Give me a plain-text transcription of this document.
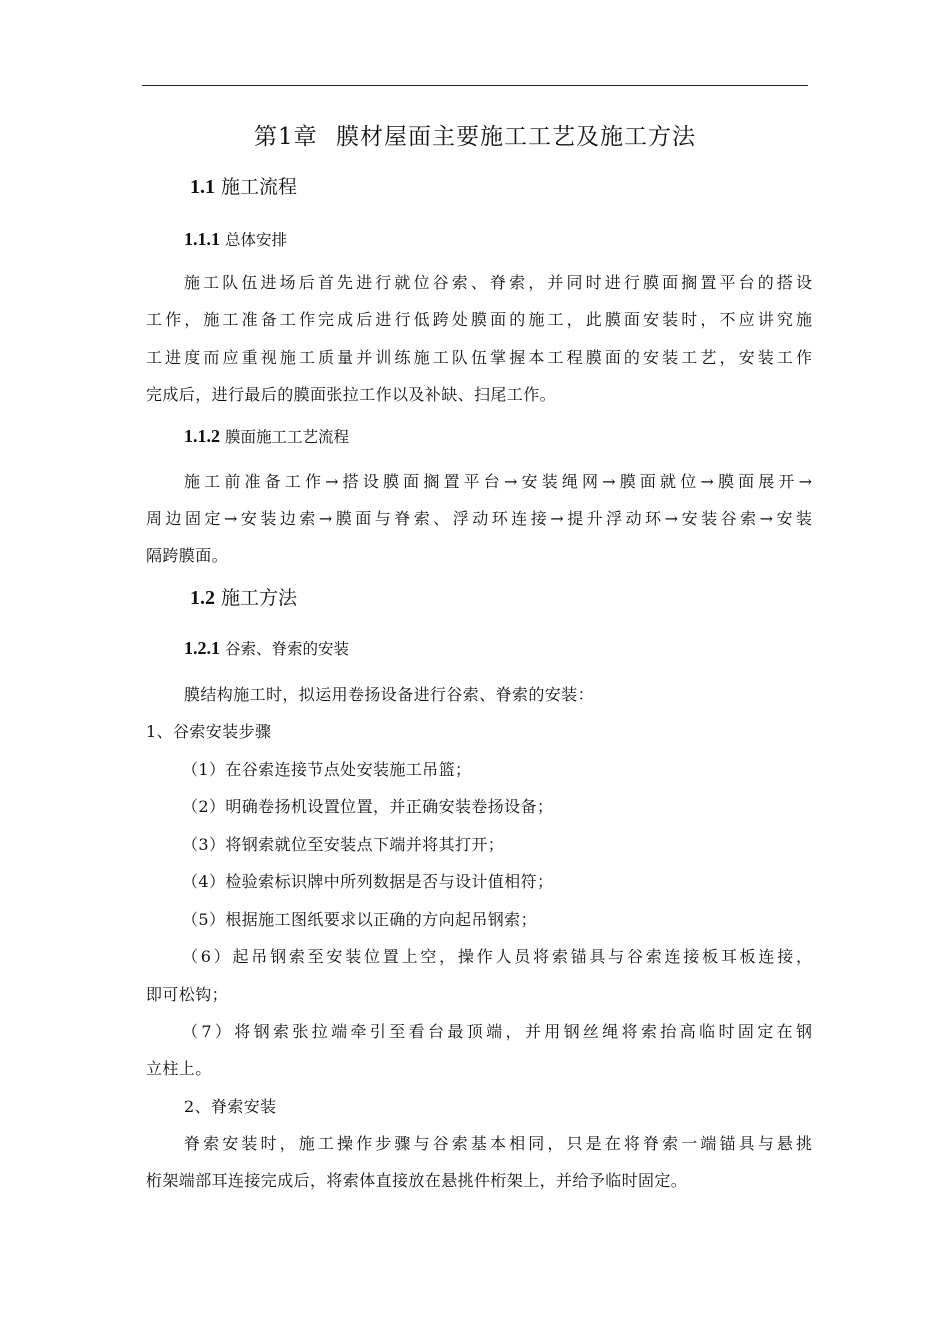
第1章 膜材屋面主要施工工艺及施工方法
1.1 施工流程
1.1.1 总体安排
施工队伍进场后首先进行就位谷索、脊索，并同时进行膜面搁置平台的搭设
工作，施工准备工作完成后进行低跨处膜面的施工，此膜面安装时，不应讲究施
工进度而应重视施工质量并训练施工队伍掌握本工程膜面的安装工艺，安装工作
完成后，进行最后的膜面张拉工作以及补缺、扫尾工作。
1.1.2 膜面施工工艺流程
施工前准备工作→搭设膜面搁置平台→安装绳网→膜面就位→膜面展开→
周边固定→安装边索→膜面与脊索、浮动环连接→提升浮动环→安装谷索→安装
隔跨膜面。
1.2 施工方法
1.2.1 谷索、脊索的安装
膜结构施工时，拟运用卷扬设备进行谷索、脊索的安装：
1、谷索安装步骤
（1）在谷索连接节点处安装施工吊篮；
（2）明确卷扬机设置位置，并正确安装卷扬设备；
（3）将钢索就位至安装点下端并将其打开；
（4）检验索标识牌中所列数据是否与设计值相符；
（5）根据施工图纸要求以正确的方向起吊钢索；
（6）起吊钢索至安装位置上空，操作人员将索锚具与谷索连接板耳板连接，
即可松钩；
（7）将钢索张拉端牵引至看台最顶端，并用钢丝绳将索抬高临时固定在钢
立柱上。
2、脊索安装
脊索安装时，施工操作步骤与谷索基本相同，只是在将脊索一端锚具与悬挑
桁架端部耳连接完成后，将索体直接放在悬挑件桁架上，并给予临时固定。
